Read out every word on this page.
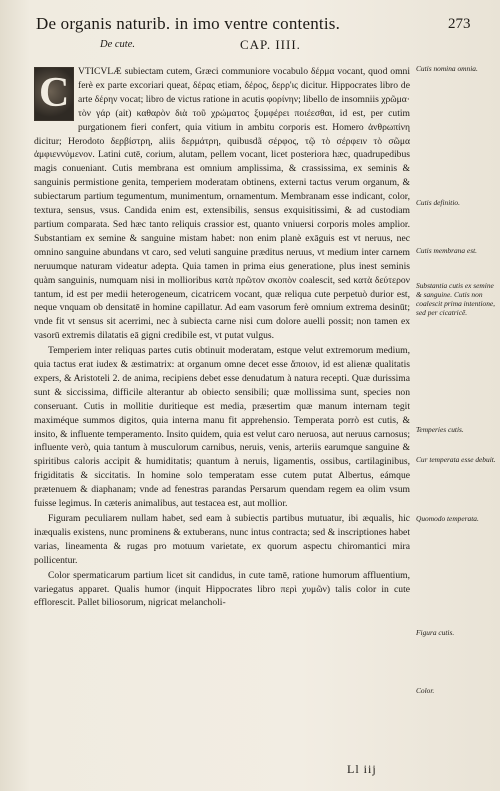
De organis naturib. in imo ventre contentis.	273
De cute.	CAP. IIII.

C VTICVLÆ subiectam cutem, Græci communiore vocabulo δέρμα vocant, quod omni ferè ex parte excoriari queat, δέρας etiam, δέρος, δερρ'ις dicitur. Hippocrates libro de arte δέρην vocat; libro de victus ratione in acutis φορίνην; libello de insomniis χρῶμα· τὸν γάρ (ait) καθαρὸν διὰ τοῦ χρώματος ξυμφέρει ποιέεσθαι, id est, per cutim purgationem fieri confert, quia vitium in ambitu corporis est. Homero ἀνθρωπίνη dicitur; Herodoto δερβίστρη, aliis δερμάτρη, quibusdã σέρφος, τῷ τὸ σέρφειν τὸ σῶμα ἀμφιεννύμενον. Latini cutē, corium, alutam, pellem vocant, licet posteriora hæc, quadrupedibus magis conueniant. Cutis membrana est omnium amplissima, & crassissima, ex seminis & sanguinis permistione genita, temperiem moderatam obtinens, externi tactus verum organum, & subiectarum partium tegumentum, munimentum, ornamentum. Membranam esse indicant, color, textura, sensus, vsus. Candida enim est, extensibilis, sensus exquisitissimi, & ad custodiam partium comparata. Sed hæc tanto reliquis crassior est, quanto vniuersi corporis moles amplior. Substantiam ex semine & sanguine mistam habet: non enim planè exāguis est vt neruus, nec omnino sanguine abundans vt caro, sed veluti sanguine præditus neruus, vt medium inter carnem neruumque naturam videatur adepta. Quia tamen in prima eius generatione, plus inest seminis quàm sanguinis, numquam nisi in mollioribus κατὰ πρῶτον σκοπὸν coalescit, sed κατὰ δεύτερον tantum, id est per medii heterogeneum, cicatricem vocant, quæ reliqua cute perpetuò durior est, neque vnquam ob densitatē in homine capillatur. Ad eam vasorum ferè omnium extrema desinūt; vnde fit vt sensus sit acerrimi, nec à subiecta carne nisi cum dolore auelli possit; non tamen ex vasorū extremis dilatatis eā gigni credibile est, vt putat vulgus.

Temperiem inter reliquas partes cutis obtinuit moderatam, estque velut extremorum medium, quia tactus erat iudex & æstimatrix: at organum omne decet esse ἄποιον, id est alienæ qualitatis expers, & Aristoteli 2. de anima, recipiens debet esse denudatum à natura recepti. Quæ durissima sunt & siccissima, difficile alterantur ab obiecto sensibili; quæ mollissima sunt, species non conseruant. Cutis in mollitie duritieque est media, præsertim quæ manum internam tegit maximéque summos digitos, quia interna manu fit apprehensio. Temperata porrò est cutis, & insito, & influente temperamento. Insito quidem, quia est velut caro neruosa, aut neruus carnosus; influente verò, quia tantum à musculorum carnibus, neruis, venis, arteriis earumque sanguine & spiritibus caloris accipit & humiditatis; quantum à neruis, ligamentis, ossibus, cartilaginibus, frigiditatis & siccitatis. In homine solo temperatam esse cutem putat Albertus, eámque prætenuem & diaphanam; vnde ad fenestras parandas Persarum quendam regem ea olim vsum fuisse legimus. In cæteris animalibus, aut testacea est, aut mollior.

Figuram peculiarem nullam habet, sed eam à subiectis partibus mutuatur, ibi æqualis, hic inæqualis existens, nunc prominens & extuberans, nunc intus contracta; sed & inscriptiones habet varias, lineamenta & rugas pro motuum varietate, ex quorum aspectu chiromantici mira pollicentur.

Color spermaticarum partium licet sit candidus, in cute tamē, ratione humorum affluentium, variegatus apparet. Qualis humor (inquit Hippocrates libro περὶ χυμῶν) talis color in cute efflorescit. Pallet biliosorum, nigricat melancholi-

Cutis nomina omnia.
Cutis definitio.
Cutis membrana est.
Substantia cutis ex semine & sanguine. Cutis non coalescit prima intentione, sed per cicatricē.
Temperies cutis.
Cur temperata esse debuit.
Quomodo temperata.
Figura cutis.
Color.
Ll iij
